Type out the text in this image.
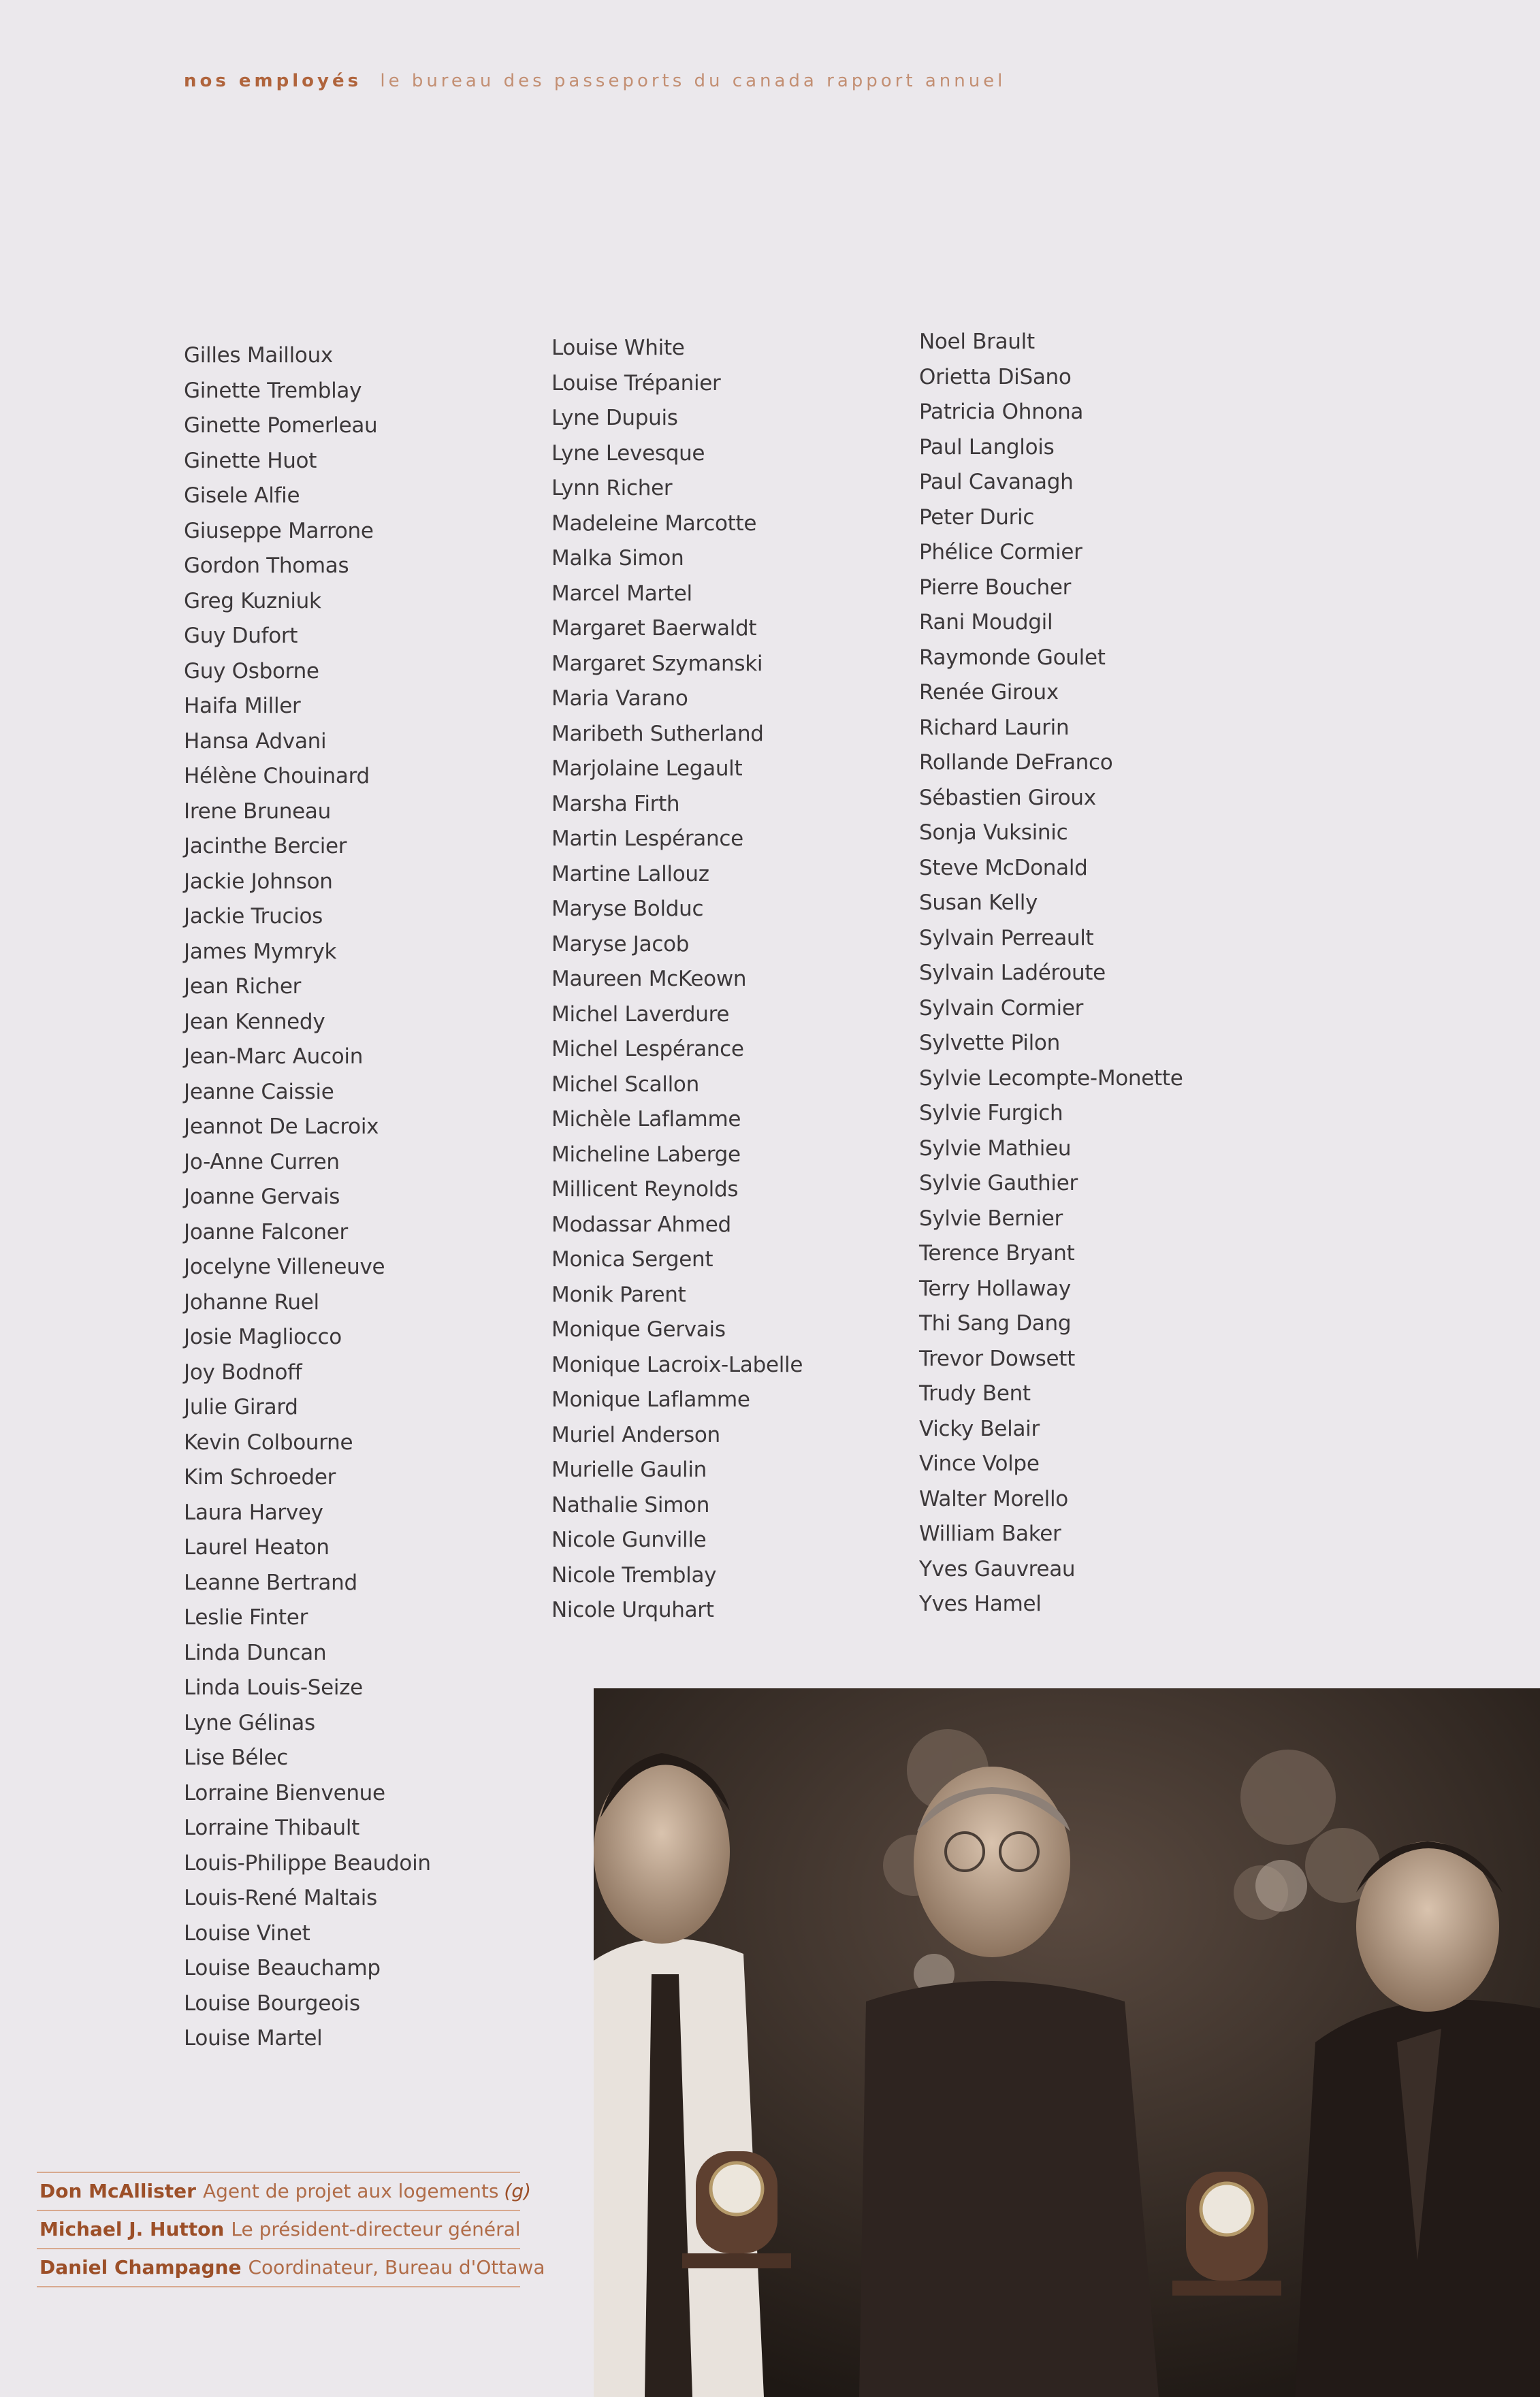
nos employés le bureau des passeports du canada rapport annuel
Gilles Mailloux
Ginette Tremblay
Ginette Pomerleau
Ginette Huot
Gisele Alfie
Giuseppe Marrone
Gordon Thomas
Greg Kuzniuk
Guy Dufort
Guy Osborne
Haifa Miller
Hansa Advani
Hélène Chouinard
Irene Bruneau
Jacinthe Bercier
Jackie Johnson
Jackie Trucios
James Mymryk
Jean Richer
Jean Kennedy
Jean-Marc Aucoin
Jeanne Caissie
Jeannot De Lacroix
Jo-Anne Curren
Joanne Gervais
Joanne Falconer
Jocelyne Villeneuve
Johanne Ruel
Josie Magliocco
Joy Bodnoff
Julie Girard
Kevin Colbourne
Kim Schroeder
Laura Harvey
Laurel Heaton
Leanne Bertrand
Leslie Finter
Linda Duncan
Linda Louis-Seize
Lyne Gélinas
Lise Bélec
Lorraine Bienvenue
Lorraine Thibault
Louis-Philippe Beaudoin
Louis-René Maltais
Louise Vinet
Louise Beauchamp
Louise Bourgeois
Louise Martel
Louise White
Louise Trépanier
Lyne Dupuis
Lyne Levesque
Lynn Richer
Madeleine Marcotte
Malka Simon
Marcel Martel
Margaret Baerwaldt
Margaret Szymanski
Maria Varano
Maribeth Sutherland
Marjolaine Legault
Marsha Firth
Martin Lespérance
Martine Lallouz
Maryse Bolduc
Maryse Jacob
Maureen McKeown
Michel Laverdure
Michel Lespérance
Michel Scallon
Michèle Laflamme
Micheline Laberge
Millicent Reynolds
Modassar Ahmed
Monica Sergent
Monik Parent
Monique Gervais
Monique Lacroix-Labelle
Monique Laflamme
Muriel Anderson
Murielle Gaulin
Nathalie Simon
Nicole Gunville
Nicole Tremblay
Nicole Urquhart
Noel Brault
Orietta DiSano
Patricia Ohnona
Paul Langlois
Paul Cavanagh
Peter Duric
Phélice Cormier
Pierre Boucher
Rani Moudgil
Raymonde Goulet
Renée Giroux
Richard Laurin
Rollande DeFranco
Sébastien Giroux
Sonja Vuksinic
Steve McDonald
Susan Kelly
Sylvain Perreault
Sylvain Ladéroute
Sylvain Cormier
Sylvette Pilon
Sylvie Lecompte-Monette
Sylvie Furgich
Sylvie Mathieu
Sylvie Gauthier
Sylvie Bernier
Terence Bryant
Terry Hollaway
Thi Sang Dang
Trevor Dowsett
Trudy Bent
Vicky Belair
Vince Volpe
Walter Morello
William Baker
Yves Gauvreau
Yves Hamel
Don McAllister Agent de projet aux logements (g)
Michael J. Hutton Le président-directeur général
Daniel Champagne Coordinateur, Bureau d'Ottawa
